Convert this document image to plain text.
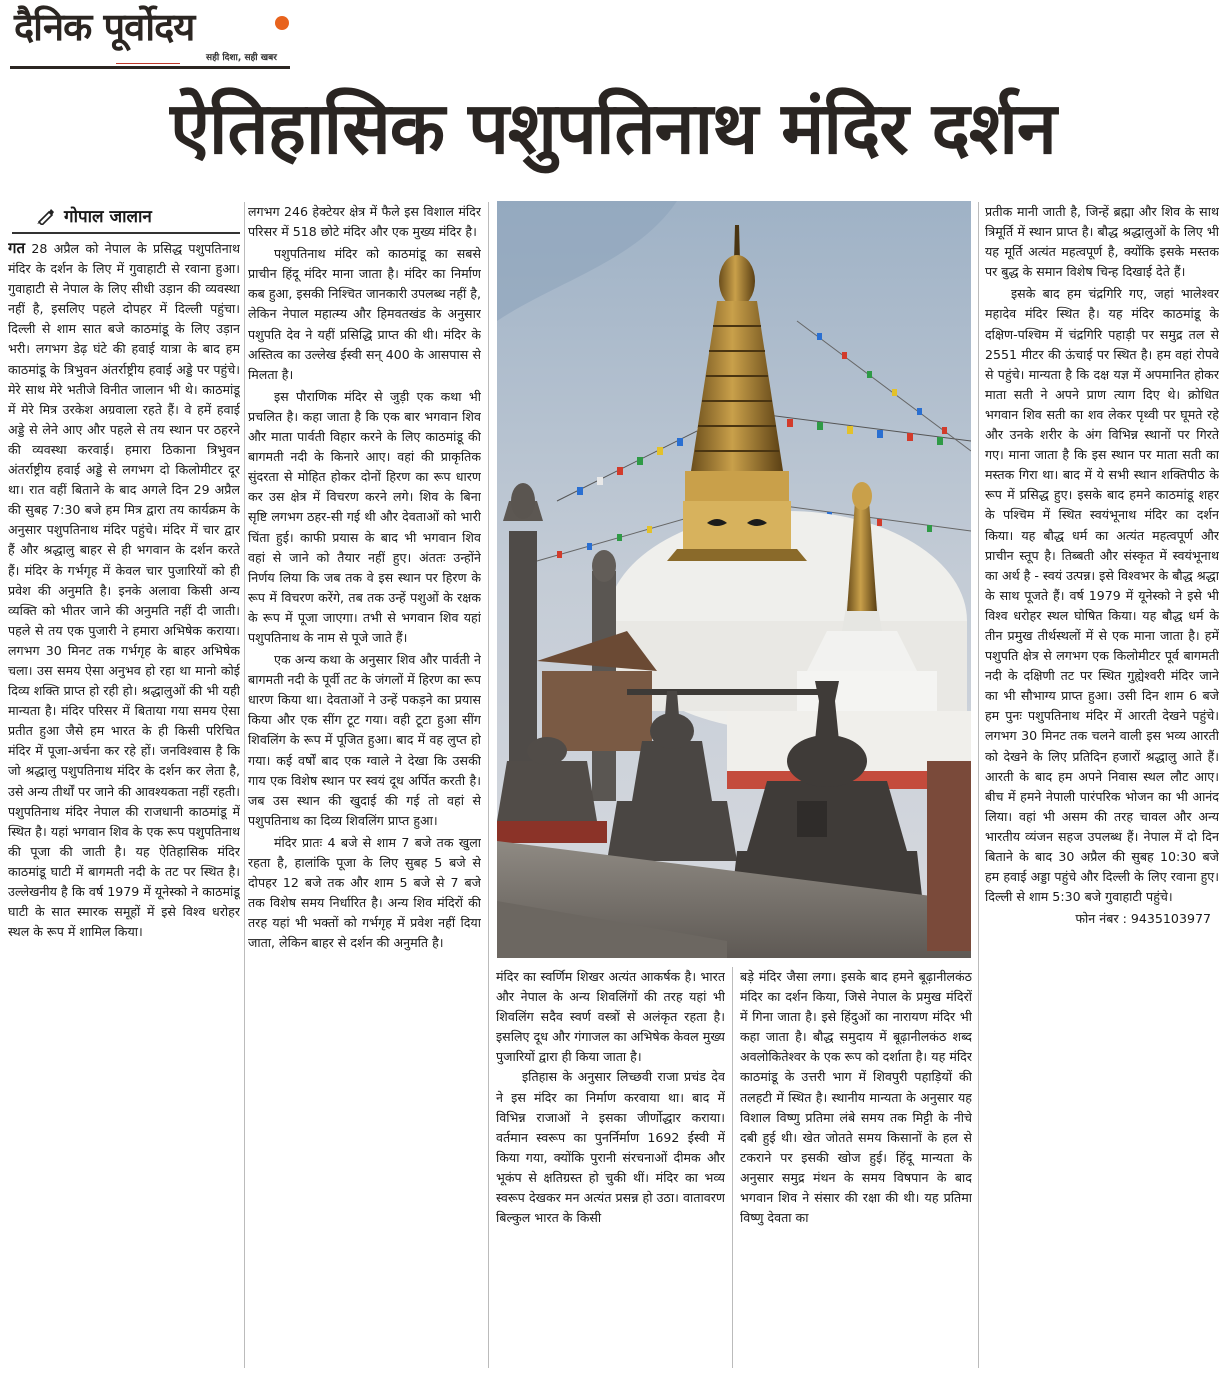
दैनिक पूर्वोदय
सही दिशा, सही खबर
ऐतिहासिक पशुपतिनाथ मंदिर दर्शन
गोपाल जालान

गत 28 अप्रैल को नेपाल के प्रसिद्ध पशुपतिनाथ मंदिर के दर्शन के लिए में गुवाहाटी से रवाना हुआ। गुवाहाटी से नेपाल के लिए सीधी उड़ान की व्यवस्था नहीं है, इसलिए पहले दोपहर में दिल्ली पहुंचा। दिल्ली से शाम सात बजे काठमांडू के लिए उड़ान भरी। लगभग डेढ़ घंटे की हवाई यात्रा के बाद हम काठमांडू के त्रिभुवन अंतर्राष्ट्रीय हवाई अड्डे पर पहुंचे। मेरे साथ मेरे भतीजे विनीत जालान भी थे। काठमांडू में मेरे मित्र उरकेश अग्रवाला रहते हैं। वे हमें हवाई अड्डे से लेने आए और पहले से तय स्थान पर ठहरने की व्यवस्था करवाई। हमारा ठिकाना त्रिभुवन अंतर्राष्ट्रीय हवाई अड्डे से लगभग दो किलोमीटर दूर था। रात वहीं बिताने के बाद अगले दिन 29 अप्रैल की सुबह 7:30 बजे हम मित्र द्वारा तय कार्यक्रम के अनुसार पशुपतिनाथ मंदिर पहुंचे। मंदिर में चार द्वार हैं और श्रद्धालु बाहर से ही भगवान के दर्शन करते हैं। मंदिर के गर्भगृह में केवल चार पुजारियों को ही प्रवेश की अनुमति है। इनके अलावा किसी अन्य व्यक्ति को भीतर जाने की अनुमति नहीं दी जाती। पहले से तय एक पुजारी ने हमारा अभिषेक कराया। लगभग 30 मिनट तक गर्भगृह के बाहर अभिषेक चला। उस समय ऐसा अनुभव हो रहा था मानो कोई दिव्य शक्ति प्राप्त हो रही हो। श्रद्धालुओं की भी यही मान्यता है। मंदिर परिसर में बिताया गया समय ऐसा प्रतीत हुआ जैसे हम भारत के ही किसी परिचित मंदिर में पूजा-अर्चना कर रहे हों। जनविश्वास है कि जो श्रद्धालु पशुपतिनाथ मंदिर के दर्शन कर लेता है, उसे अन्य तीर्थों पर जाने की आवश्यकता नहीं रहती। पशुपतिनाथ मंदिर नेपाल की राजधानी काठमांडू में स्थित है। यहां भगवान शिव के एक रूप पशुपतिनाथ की पूजा की जाती है। यह ऐतिहासिक मंदिर काठमांडू घाटी में बागमती नदी के तट पर स्थित है। उल्लेखनीय है कि वर्ष 1979 में यूनेस्को ने काठमांडू घाटी के सात स्मारक समूहों में इसे विश्व धरोहर स्थल के रूप में शामिल किया।

लगभग 246 हेक्टेयर क्षेत्र में फैले इस विशाल मंदिर परिसर में 518 छोटे मंदिर और एक मुख्य मंदिर है।

पशुपतिनाथ मंदिर को काठमांडू का सबसे प्राचीन हिंदू मंदिर माना जाता है। मंदिर का निर्माण कब हुआ, इसकी निश्चित जानकारी उपलब्ध नहीं है, लेकिन नेपाल महात्म्य और हिमवतखंड के अनुसार पशुपति देव ने यहीं प्रसिद्धि प्राप्त की थी। मंदिर के अस्तित्व का उल्लेख ईस्वी सन् 400 के आसपास से मिलता है।

इस पौराणिक मंदिर से जुड़ी एक कथा भी प्रचलित है। कहा जाता है कि एक बार भगवान शिव और माता पार्वती विहार करने के लिए काठमांडू की बागमती नदी के किनारे आए। वहां की प्राकृतिक सुंदरता से मोहित होकर दोनों हिरण का रूप धारण कर उस क्षेत्र में विचरण करने लगे। शिव के बिना सृष्टि लगभग ठहर-सी गई थी और देवताओं को भारी चिंता हुई। काफी प्रयास के बाद भी भगवान शिव वहां से जाने को तैयार नहीं हुए। अंततः उन्होंने निर्णय लिया कि जब तक वे इस स्थान पर हिरण के रूप में विचरण करेंगे, तब तक उन्हें पशुओं के रक्षक के रूप में पूजा जाएगा। तभी से भगवान शिव यहां पशुपतिनाथ के नाम से पूजे जाते हैं।

एक अन्य कथा के अनुसार शिव और पार्वती ने बागमती नदी के पूर्वी तट के जंगलों में हिरण का रूप धारण किया था। देवताओं ने उन्हें पकड़ने का प्रयास किया और एक सींग टूट गया। वही टूटा हुआ सींग शिवलिंग के रूप में पूजित हुआ। बाद में वह लुप्त हो गया। कई वर्षों बाद एक ग्वाले ने देखा कि उसकी गाय एक विशेष स्थान पर स्वयं दूध अर्पित करती है। जब उस स्थान की खुदाई की गई तो वहां से पशुपतिनाथ का दिव्य शिवलिंग प्राप्त हुआ।

मंदिर प्रातः 4 बजे से शाम 7 बजे तक खुला रहता है, हालांकि पूजा के लिए सुबह 5 बजे से दोपहर 12 बजे तक और शाम 5 बजे से 7 बजे तक विशेष समय निर्धारित है। अन्य शिव मंदिरों की तरह यहां भी भक्तों को गर्भगृह में प्रवेश नहीं दिया जाता, लेकिन बाहर से दर्शन की अनुमति है।

मंदिर का स्वर्णिम शिखर अत्यंत आकर्षक है। भारत और नेपाल के अन्य शिवलिंगों की तरह यहां भी शिवलिंग सदैव स्वर्ण वस्त्रों से अलंकृत रहता है। इसलिए दूध और गंगाजल का अभिषेक केवल मुख्य पुजारियों द्वारा ही किया जाता है।

इतिहास के अनुसार लिच्छवी राजा प्रचंड देव ने इस मंदिर का निर्माण करवाया था। बाद में विभिन्न राजाओं ने इसका जीर्णोद्धार कराया। वर्तमान स्वरूप का पुनर्निर्माण 1692 ईस्वी में किया गया, क्योंकि पुरानी संरचनाओं दीमक और भूकंप से क्षतिग्रस्त हो चुकी थीं। मंदिर का भव्य स्वरूप देखकर मन अत्यंत प्रसन्न हो उठा। वातावरण बिल्कुल भारत के किसी

बड़े मंदिर जैसा लगा। इसके बाद हमने बूढ़ानीलकंठ मंदिर का दर्शन किया, जिसे नेपाल के प्रमुख मंदिरों में गिना जाता है। इसे हिंदुओं का नारायण मंदिर भी कहा जाता है। बौद्ध समुदाय में बूढ़ानीलकंठ शब्द अवलोकितेश्वर के एक रूप को दर्शाता है। यह मंदिर काठमांडू के उत्तरी भाग में शिवपुरी पहाड़ियों की तलहटी में स्थित है। स्थानीय मान्यता के अनुसार यह विशाल विष्णु प्रतिमा लंबे समय तक मिट्टी के नीचे दबी हुई थी। खेत जोतते समय किसानों के हल से टकराने पर इसकी खोज हुई। हिंदू मान्यता के अनुसार समुद्र मंथन के समय विषपान के बाद भगवान शिव ने संसार की रक्षा की थी। यह प्रतिमा विष्णु देवता का

प्रतीक मानी जाती है, जिन्हें ब्रह्मा और शिव के साथ त्रिमूर्ति में स्थान प्राप्त है। बौद्ध श्रद्धालुओं के लिए भी यह मूर्ति अत्यंत महत्वपूर्ण है, क्योंकि इसके मस्तक पर बुद्ध के समान विशेष चिन्ह दिखाई देते हैं।

इसके बाद हम चंद्रगिरि गए, जहां भालेश्वर महादेव मंदिर स्थित है। यह मंदिर काठमांडू के दक्षिण-पश्चिम में चंद्रगिरि पहाड़ी पर समुद्र तल से 2551 मीटर की ऊंचाई पर स्थित है। हम वहां रोपवे से पहुंचे। मान्यता है कि दक्ष यज्ञ में अपमानित होकर माता सती ने अपने प्राण त्याग दिए थे। क्रोधित भगवान शिव सती का शव लेकर पृथ्वी पर घूमते रहे और उनके शरीर के अंग विभिन्न स्थानों पर गिरते गए। माना जाता है कि इस स्थान पर माता सती का मस्तक गिरा था। बाद में ये सभी स्थान शक्तिपीठ के रूप में प्रसिद्ध हुए। इसके बाद हमने काठमांडू शहर के पश्चिम में स्थित स्वयंभूनाथ मंदिर का दर्शन किया। यह बौद्ध धर्म का अत्यंत महत्वपूर्ण और प्राचीन स्तूप है। तिब्बती और संस्कृत में स्वयंभूनाथ का अर्थ है - स्वयं उत्पन्न। इसे विश्वभर के बौद्ध श्रद्धा के साथ पूजते हैं। वर्ष 1979 में यूनेस्को ने इसे भी विश्व धरोहर स्थल घोषित किया। यह बौद्ध धर्म के तीन प्रमुख तीर्थस्थलों में से एक माना जाता है। हमें पशुपति क्षेत्र से लगभग एक किलोमीटर पूर्व बागमती नदी के दक्षिणी तट पर स्थित गुह्येश्वरी मंदिर जाने का भी सौभाग्य प्राप्त हुआ। उसी दिन शाम 6 बजे हम पुनः पशुपतिनाथ मंदिर में आरती देखने पहुंचे। लगभग 30 मिनट तक चलने वाली इस भव्य आरती को देखने के लिए प्रतिदिन हजारों श्रद्धालु आते हैं। आरती के बाद हम अपने निवास स्थल लौट आए। बीच में हमने नेपाली पारंपरिक भोजन का भी आनंद लिया। वहां भी असम की तरह चावल और अन्य भारतीय व्यंजन सहज उपलब्ध हैं। नेपाल में दो दिन बिताने के बाद 30 अप्रैल की सुबह 10:30 बजे हम हवाई अड्डा पहुंचे और दिल्ली के लिए रवाना हुए। दिल्ली से शाम 5:30 बजे गुवाहाटी पहुंचे।

फोन नंबर : 9435103977
